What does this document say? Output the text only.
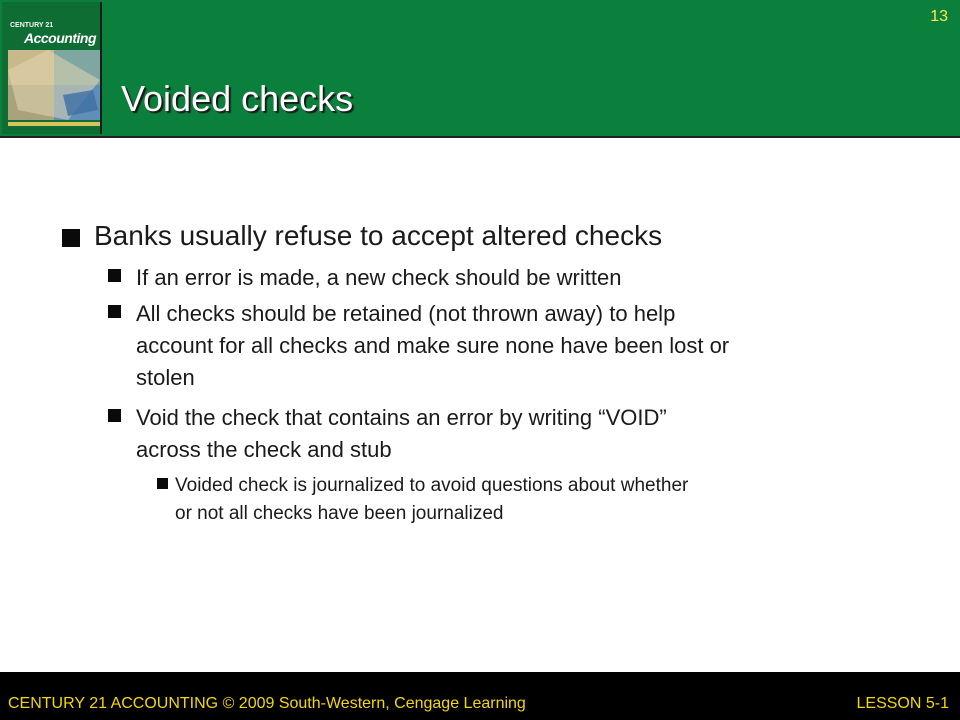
CENTURY 21
Accounting
13
Voided checks
Banks usually refuse to accept altered checks
If an error is made, a new check should be written
All checks should be retained (not thrown away) to help
account for all checks and make sure none have been lost or
stolen
Void the check that contains an error by writing “VOID”
across the check and stub
Voided check is journalized to avoid questions about whether
or not all checks have been journalized
CENTURY 21 ACCOUNTING © 2009 South-Western, Cengage Learning	LESSON 5-1
